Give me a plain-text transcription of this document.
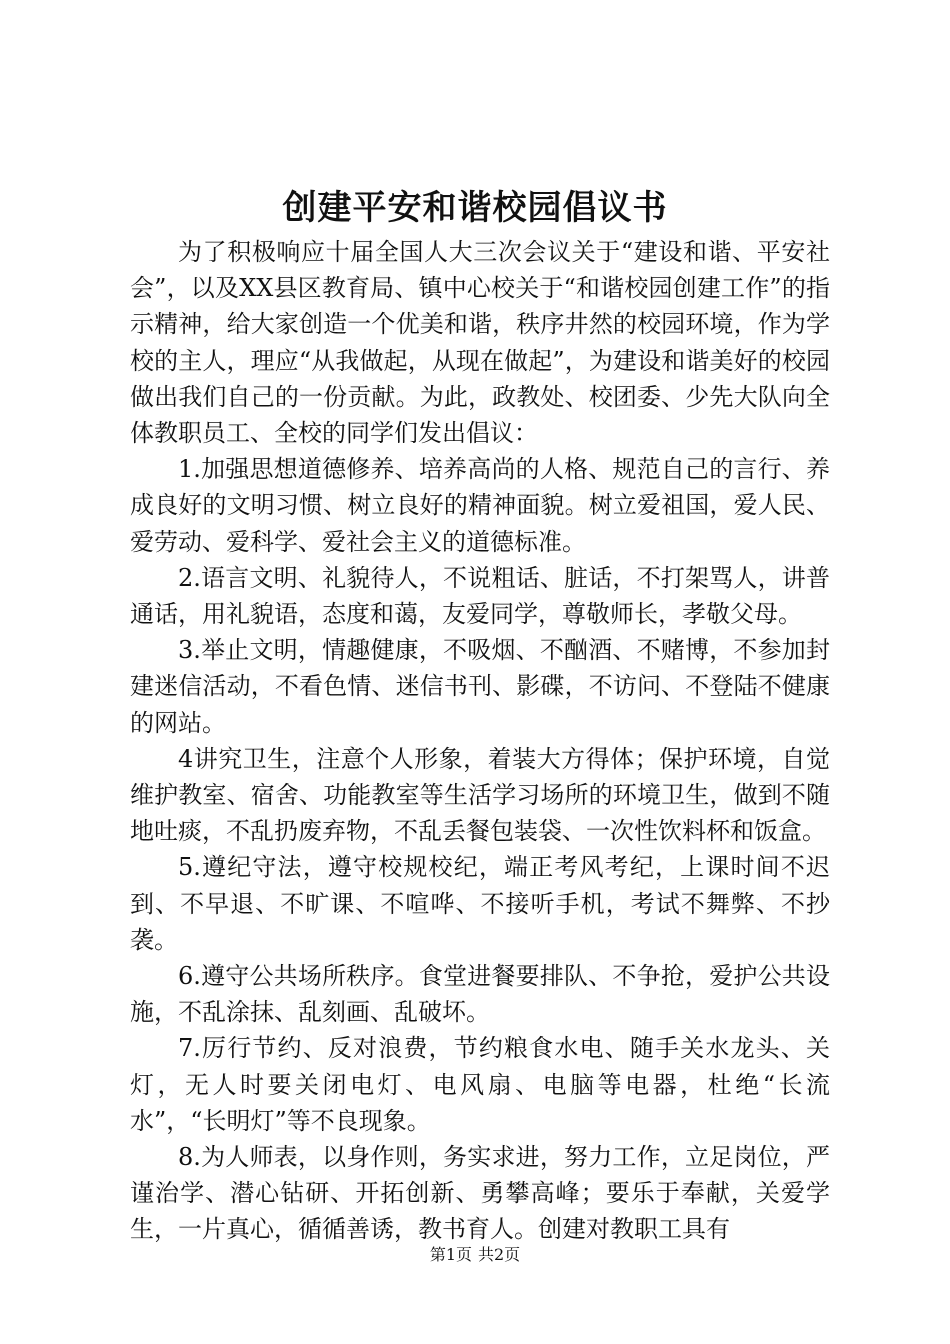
创建平安和谐校园倡议书

为了积极响应十届全国人大三次会议关于“建设和谐、平安社会”，以及XX县区教育局、镇中心校关于“和谐校园创建工作”的指示精神，给大家创造一个优美和谐，秩序井然的校园环境，作为学校的主人，理应“从我做起，从现在做起”，为建设和谐美好的校园做出我们自己的一份贡献。为此，政教处、校团委、少先大队向全体教职员工、全校的同学们发出倡议：

1.加强思想道德修养、培养高尚的人格、规范自己的言行、养成良好的文明习惯、树立良好的精神面貌。树立爱祖国，爱人民、爱劳动、爱科学、爱社会主义的道德标准。

2.语言文明、礼貌待人，不说粗话、脏话，不打架骂人，讲普通话，用礼貌语，态度和蔼，友爱同学，尊敬师长，孝敬父母。

3.举止文明，情趣健康，不吸烟、不酗酒、不赌博，不参加封建迷信活动，不看色情、迷信书刊、影碟，不访问、不登陆不健康的网站。

4讲究卫生，注意个人形象，着装大方得体；保护环境，自觉维护教室、宿舍、功能教室等生活学习场所的环境卫生，做到不随地吐痰，不乱扔废弃物，不乱丢餐包装袋、一次性饮料杯和饭盒。

5.遵纪守法，遵守校规校纪，端正考风考纪，上课时间不迟到、不早退、不旷课、不喧哗、不接听手机，考试不舞弊、不抄袭。

6.遵守公共场所秩序。食堂进餐要排队、不争抢，爱护公共设施，不乱涂抹、乱刻画、乱破坏。

7.厉行节约、反对浪费，节约粮食水电、随手关水龙头、关灯，无人时要关闭电灯、电风扇、电脑等电器，杜绝“长流水”，“长明灯”等不良现象。

8.为人师表，以身作则，务实求进，努力工作，立足岗位，严谨治学、潜心钻研、开拓创新、勇攀高峰；要乐于奉献，关爱学生，一片真心，循循善诱，教书育人。创建对教职工具有

第1页 共2页
